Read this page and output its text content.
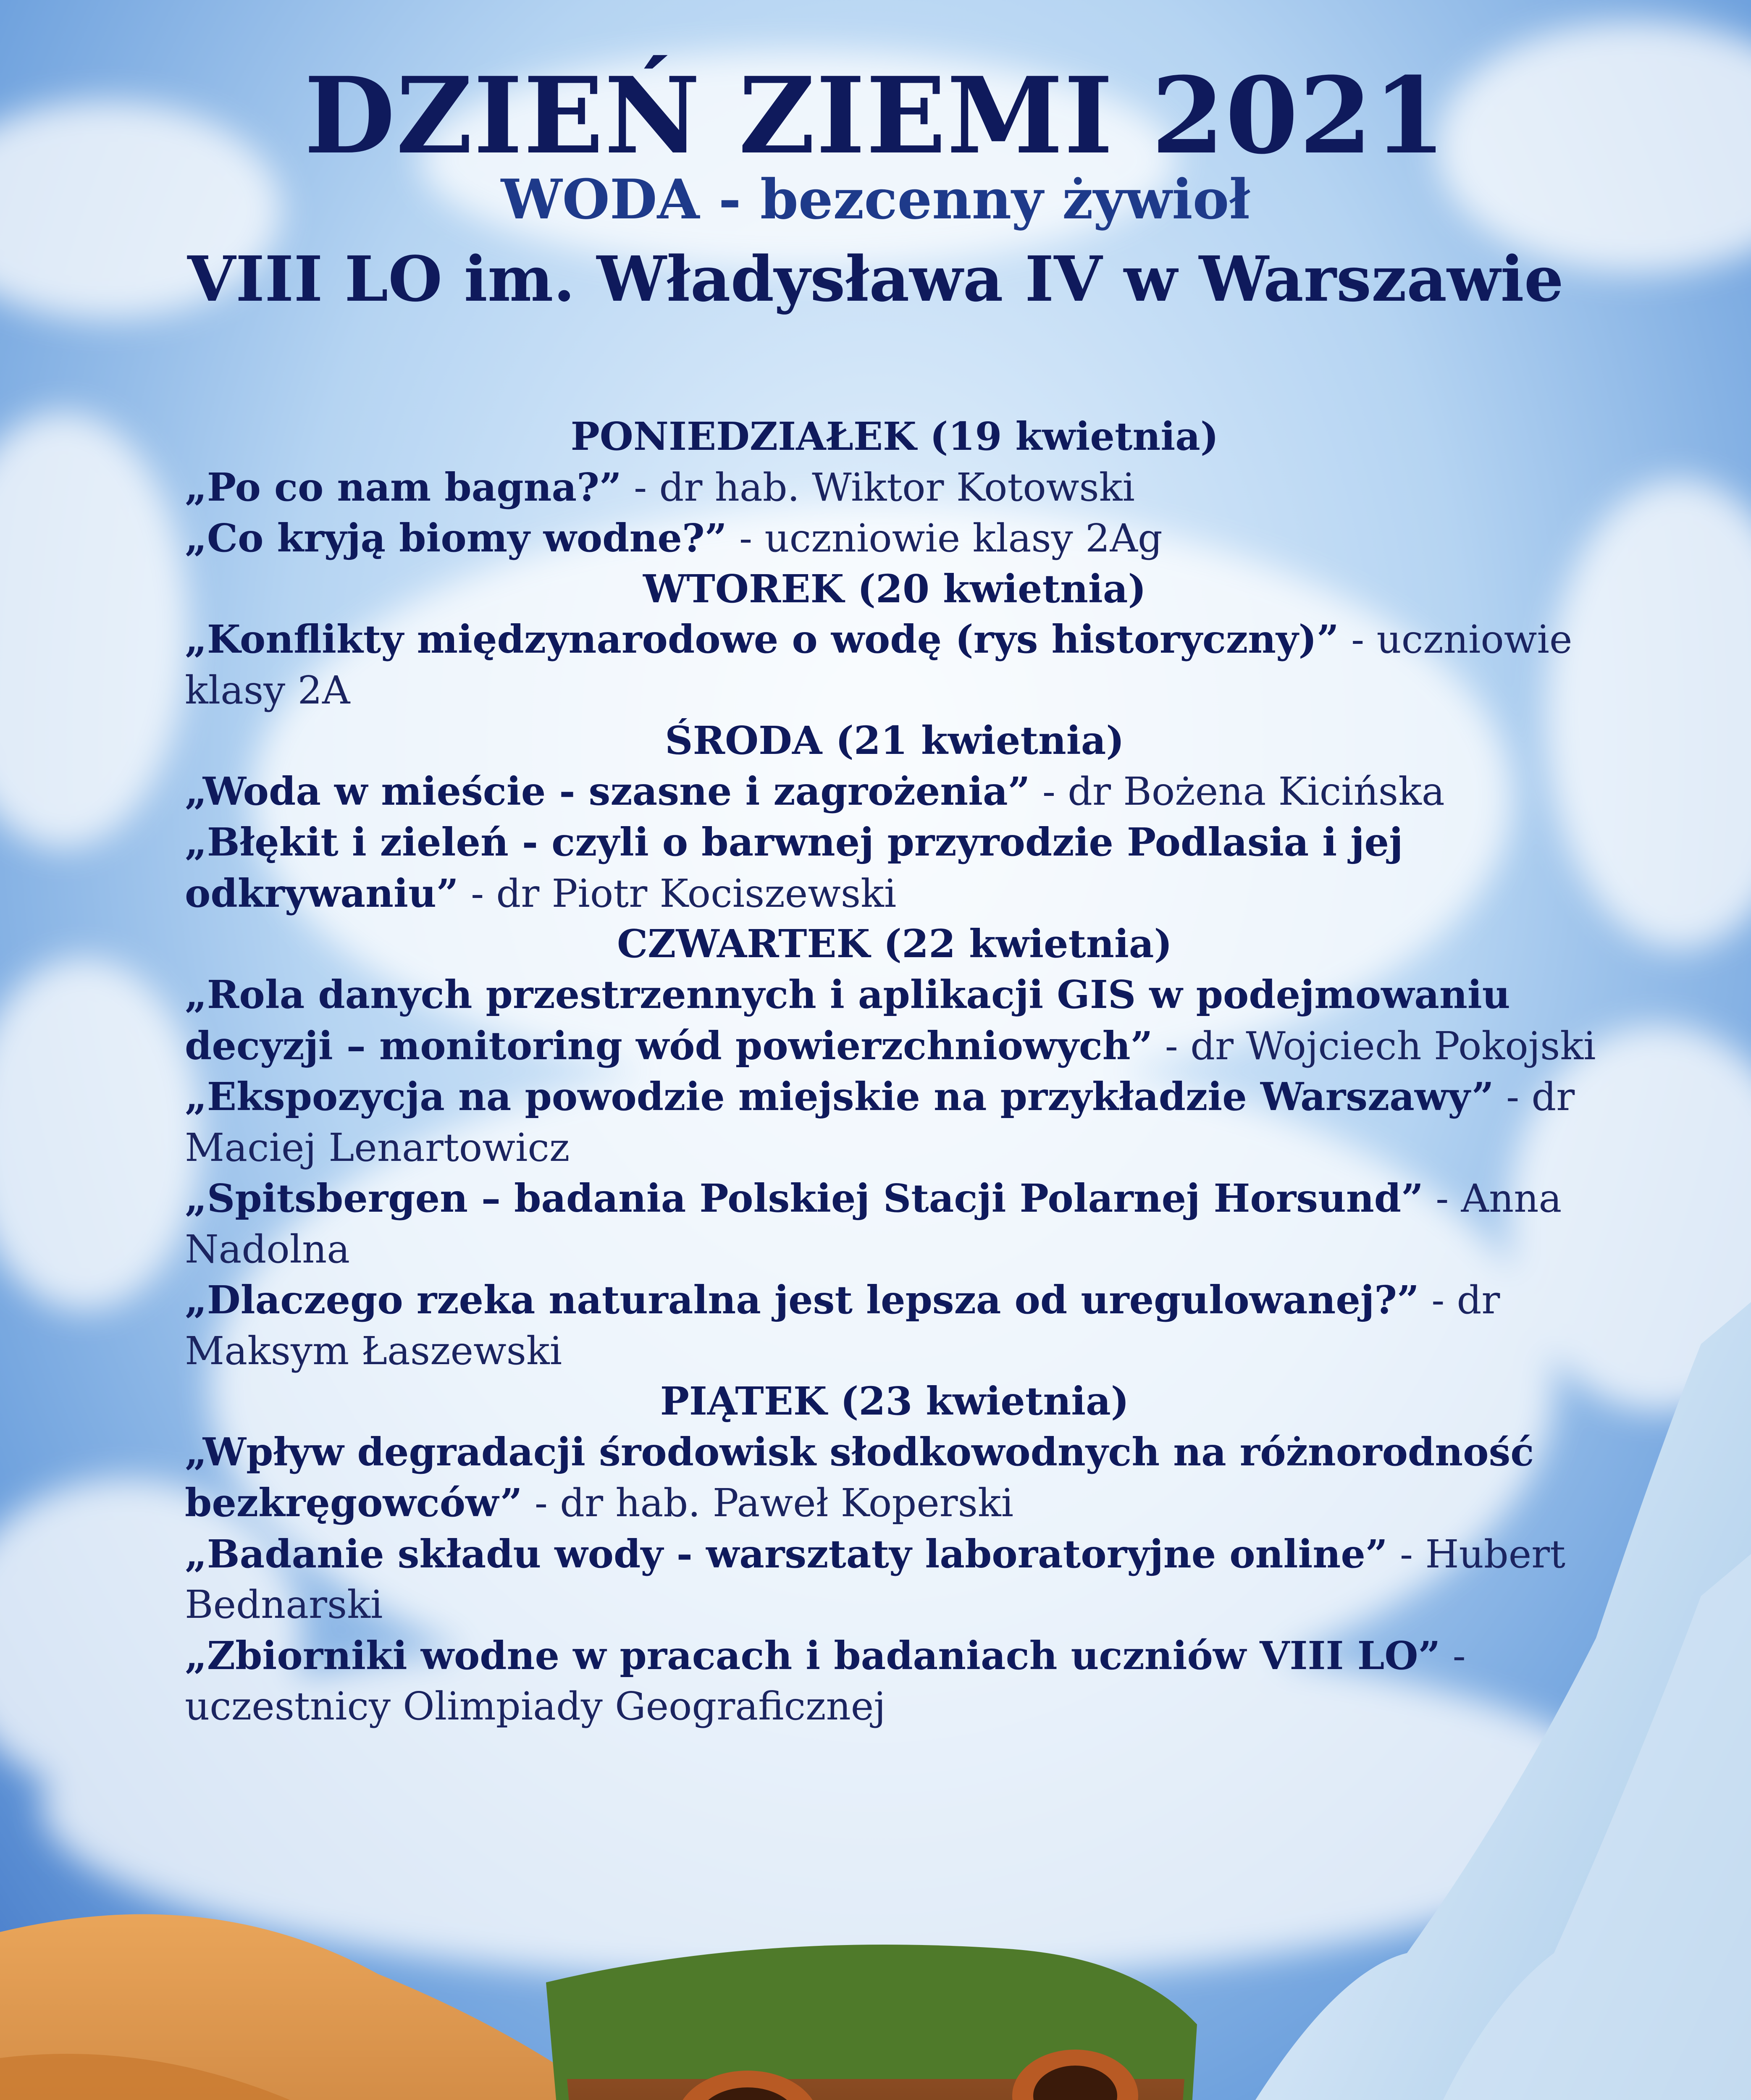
DZIEŃ ZIEMI 2021
WODA - bezcenny żywioł
VIII LO im. Władysława IV w Warszawie
PONIEDZIAŁEK (19 kwietnia)
„Po co nam bagna?” - dr hab. Wiktor Kotowski
„Co kryją biomy wodne?” - uczniowie klasy 2Ag
WTOREK (20 kwietnia)
„Konflikty międzynarodowe o wodę (rys historyczny)” - uczniowie klasy 2A
ŚRODA (21 kwietnia)
„Woda w mieście - szasne i zagrożenia” - dr Bożena Kicińska
„Błękit i zieleń - czyli o barwnej przyrodzie Podlasia i jej odkrywaniu” - dr Piotr Kociszewski
CZWARTEK (22 kwietnia)
„Rola danych przestrzennych i aplikacji GIS w podejmowaniu decyzji – monitoring wód powierzchniowych” - dr Wojciech Pokojski
„Ekspozycja na powodzie miejskie na przykładzie Warszawy” - dr Maciej Lenartowicz
„Spitsbergen – badania Polskiej Stacji Polarnej Horsund” - Anna Nadolna
„Dlaczego rzeka naturalna jest lepsza od uregulowanej?” - dr Maksym Łaszewski
PIĄTEK (23 kwietnia)
„Wpływ degradacji środowisk słodkowodnych na różnorodność bezkręgowców” - dr hab. Paweł Koperski
„Badanie składu wody - warsztaty laboratoryjne online” - Hubert Bednarski
„Zbiorniki wodne w pracach i badaniach uczniów VIII LO” - uczestnicy Olimpiady Geograficznej
